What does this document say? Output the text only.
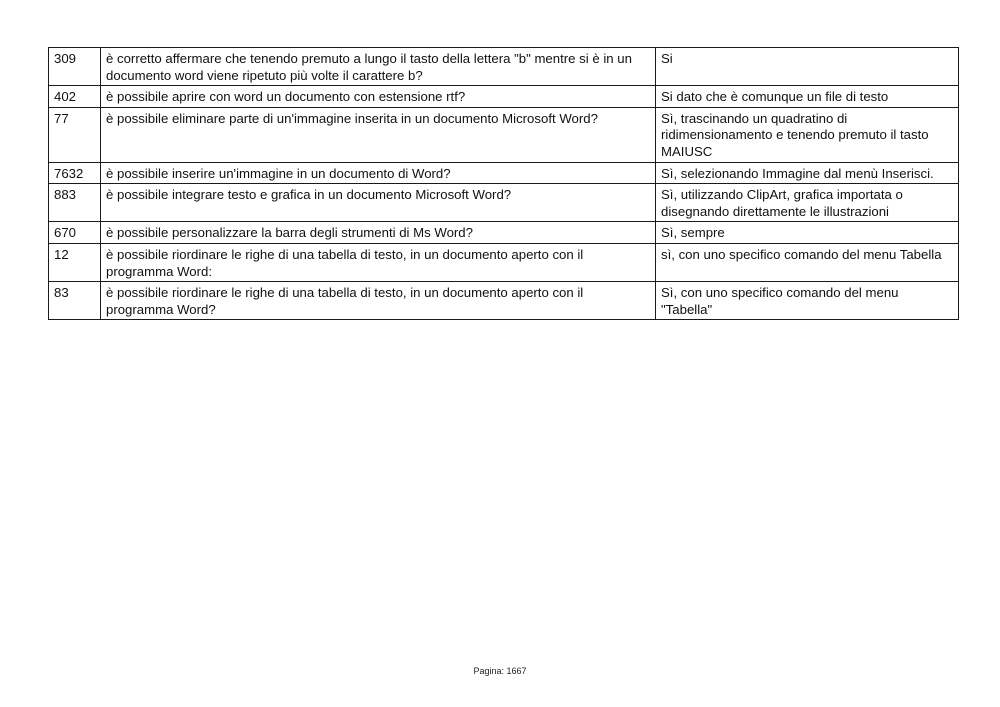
309	è corretto affermare che tenendo premuto a lungo il tasto della lettera "b" mentre si è in un documento word viene ripetuto più volte il carattere b?	Si
402	è possibile aprire con word un documento con estensione rtf?	Si dato che è comunque un file di testo
77	è possibile eliminare parte di un'immagine inserita in un documento Microsoft Word?	Sì, trascinando un quadratino di ridimensionamento e tenendo premuto il tasto MAIUSC
7632	è possibile inserire un'immagine in un documento di Word?	Sì, selezionando Immagine dal menù Inserisci.
883	è possibile integrare testo e grafica in un documento Microsoft Word?	Sì, utilizzando ClipArt, grafica importata o disegnando direttamente le illustrazioni
670	è possibile personalizzare la barra degli strumenti di Ms Word?	Sì, sempre
12	è possibile riordinare le righe di una tabella di testo, in un documento aperto con il programma Word:	sì, con uno specifico comando del menu Tabella
83	è possibile riordinare le righe di una tabella di testo, in un documento aperto con il programma Word?	Sì, con uno specifico comando del menu "Tabella"
Pagina: 1667
